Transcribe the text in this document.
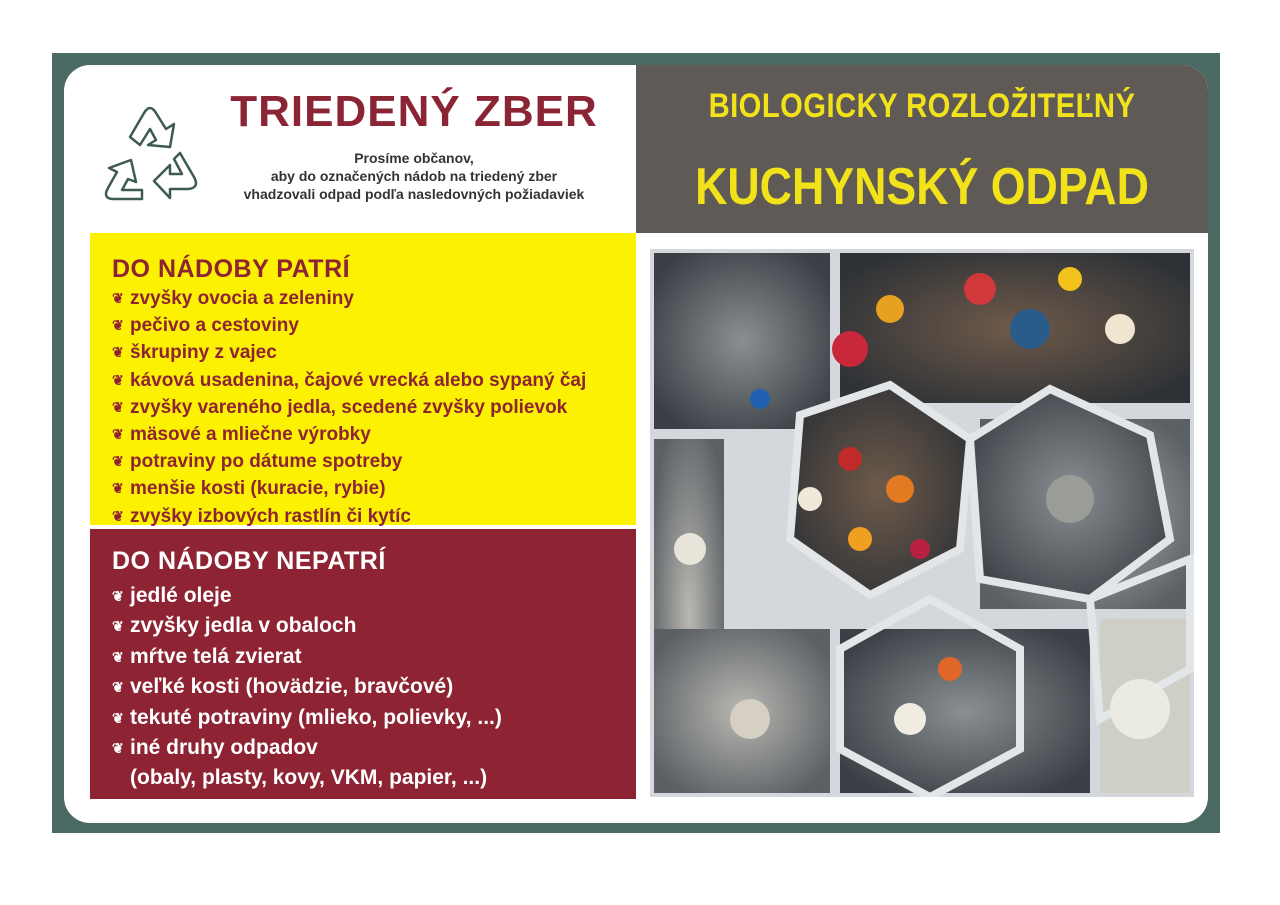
TRIEDENÝ ZBER
Prosíme občanov,
aby do označených nádob na triedený zber
vhadzovali odpad podľa nasledovných požiadaviek
BIOLOGICKY ROZLOŽITEĽNÝ
KUCHYNSKÝ ODPAD
DO NÁDOBY PATRÍ
❦ zvyšky ovocia a zeleniny
❦ pečivo a cestoviny
❦ škrupiny z vajec
❦ kávová usadenina, čajové vrecká alebo sypaný čaj
❦ zvyšky vareného jedla, scedené zvyšky polievok
❦ mäsové a mliečne výrobky
❦ potraviny po dátume spotreby
❦ menšie kosti (kuracie, rybie)
❦ zvyšky izbových rastlín či kytíc
DO NÁDOBY NEPATRÍ
❦ jedlé oleje
❦ zvyšky jedla v obaloch
❦ mŕtve telá zvierat
❦ veľké kosti (hovädzie, bravčové)
❦ tekuté potraviny (mlieko, polievky, ...)
❦ iné druhy odpadov
(obaly, plasty, kovy, VKM, papier, ...)
